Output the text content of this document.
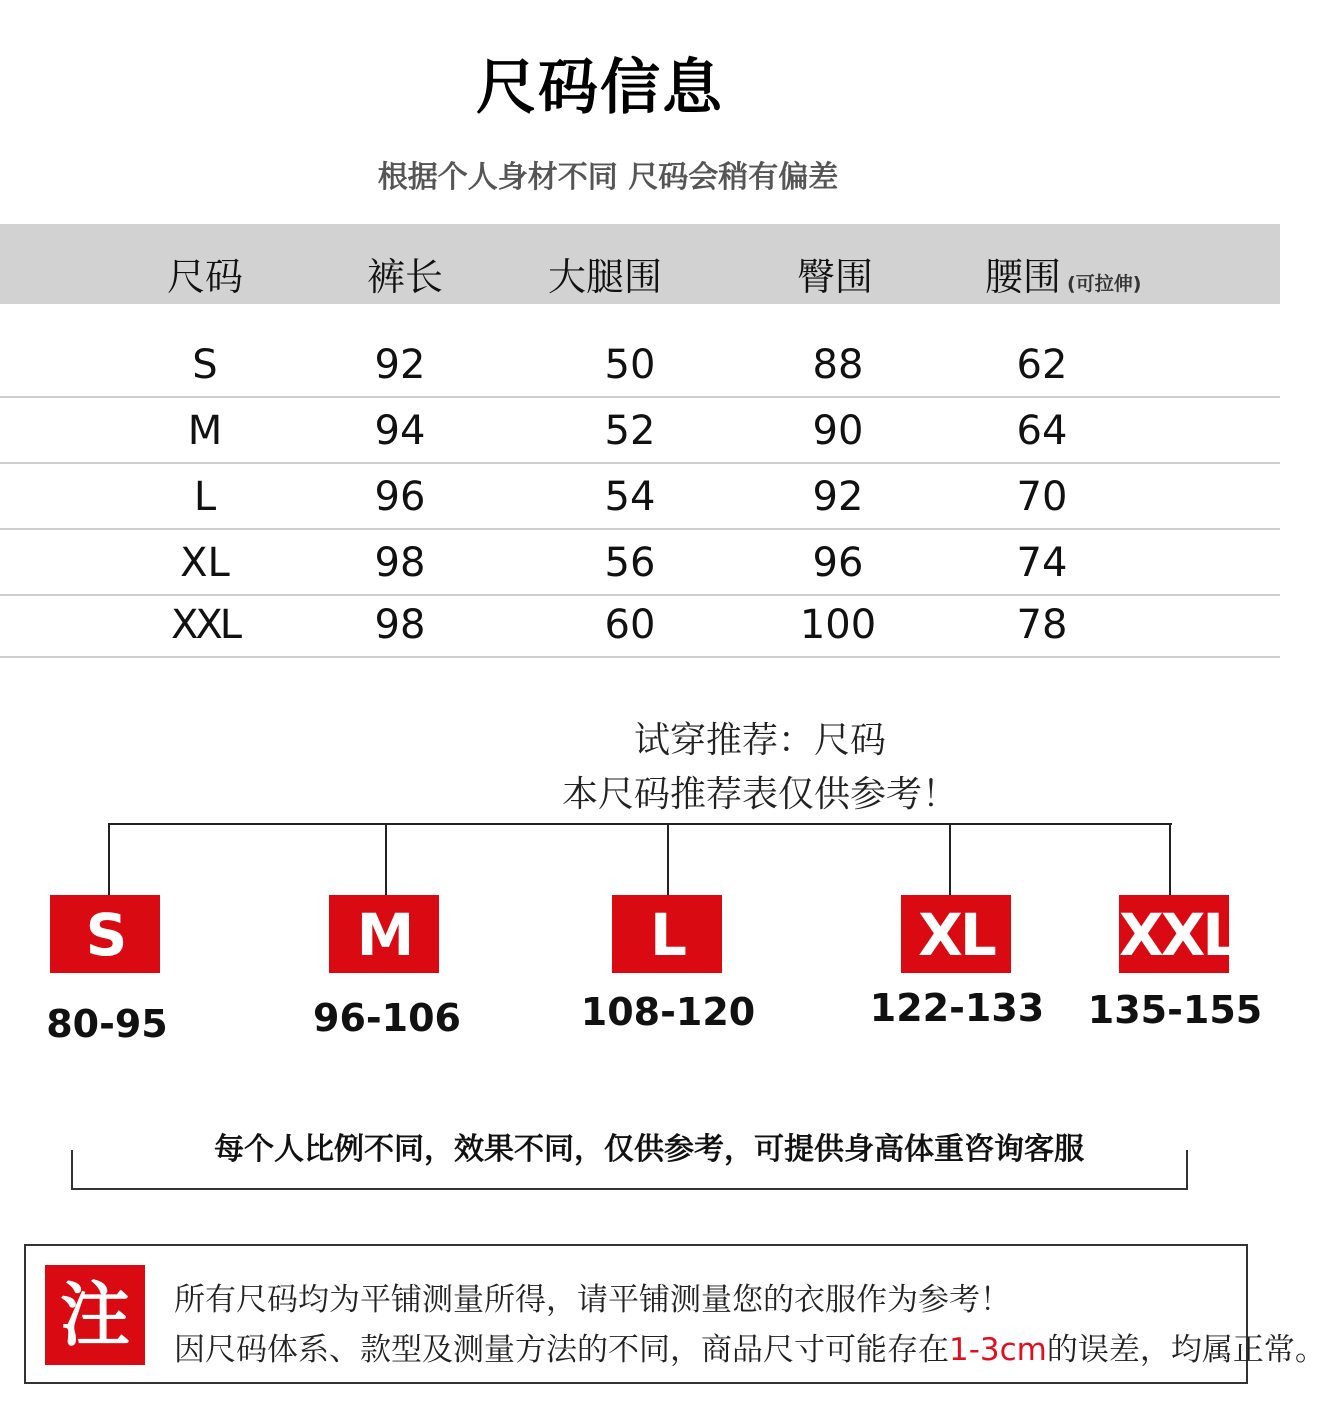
尺码信息
根据个人身材不同 尺码会稍有偏差
尺码	裤长	大腿围	臀围	腰围 (可拉伸)
S	92	50	88	62
M	94	52	90	64
L	96	54	92	70
XL	98	56	96	74
XXL	98	60	100	78
试穿推荐：尺码
本尺码推荐表仅供参考！
S	M	L	XL XXL
80-95	96-106	108-120	122-133	135-155
每个人比例不同，效果不同，仅供参考，可提供身高体重咨询客服
注	所有尺码均为平铺测量所得，请平铺测量您的衣服作为参考！
因尺码体系、款型及测量方法的不同，商品尺寸可能存在1-3cm的误差，均属正常。
